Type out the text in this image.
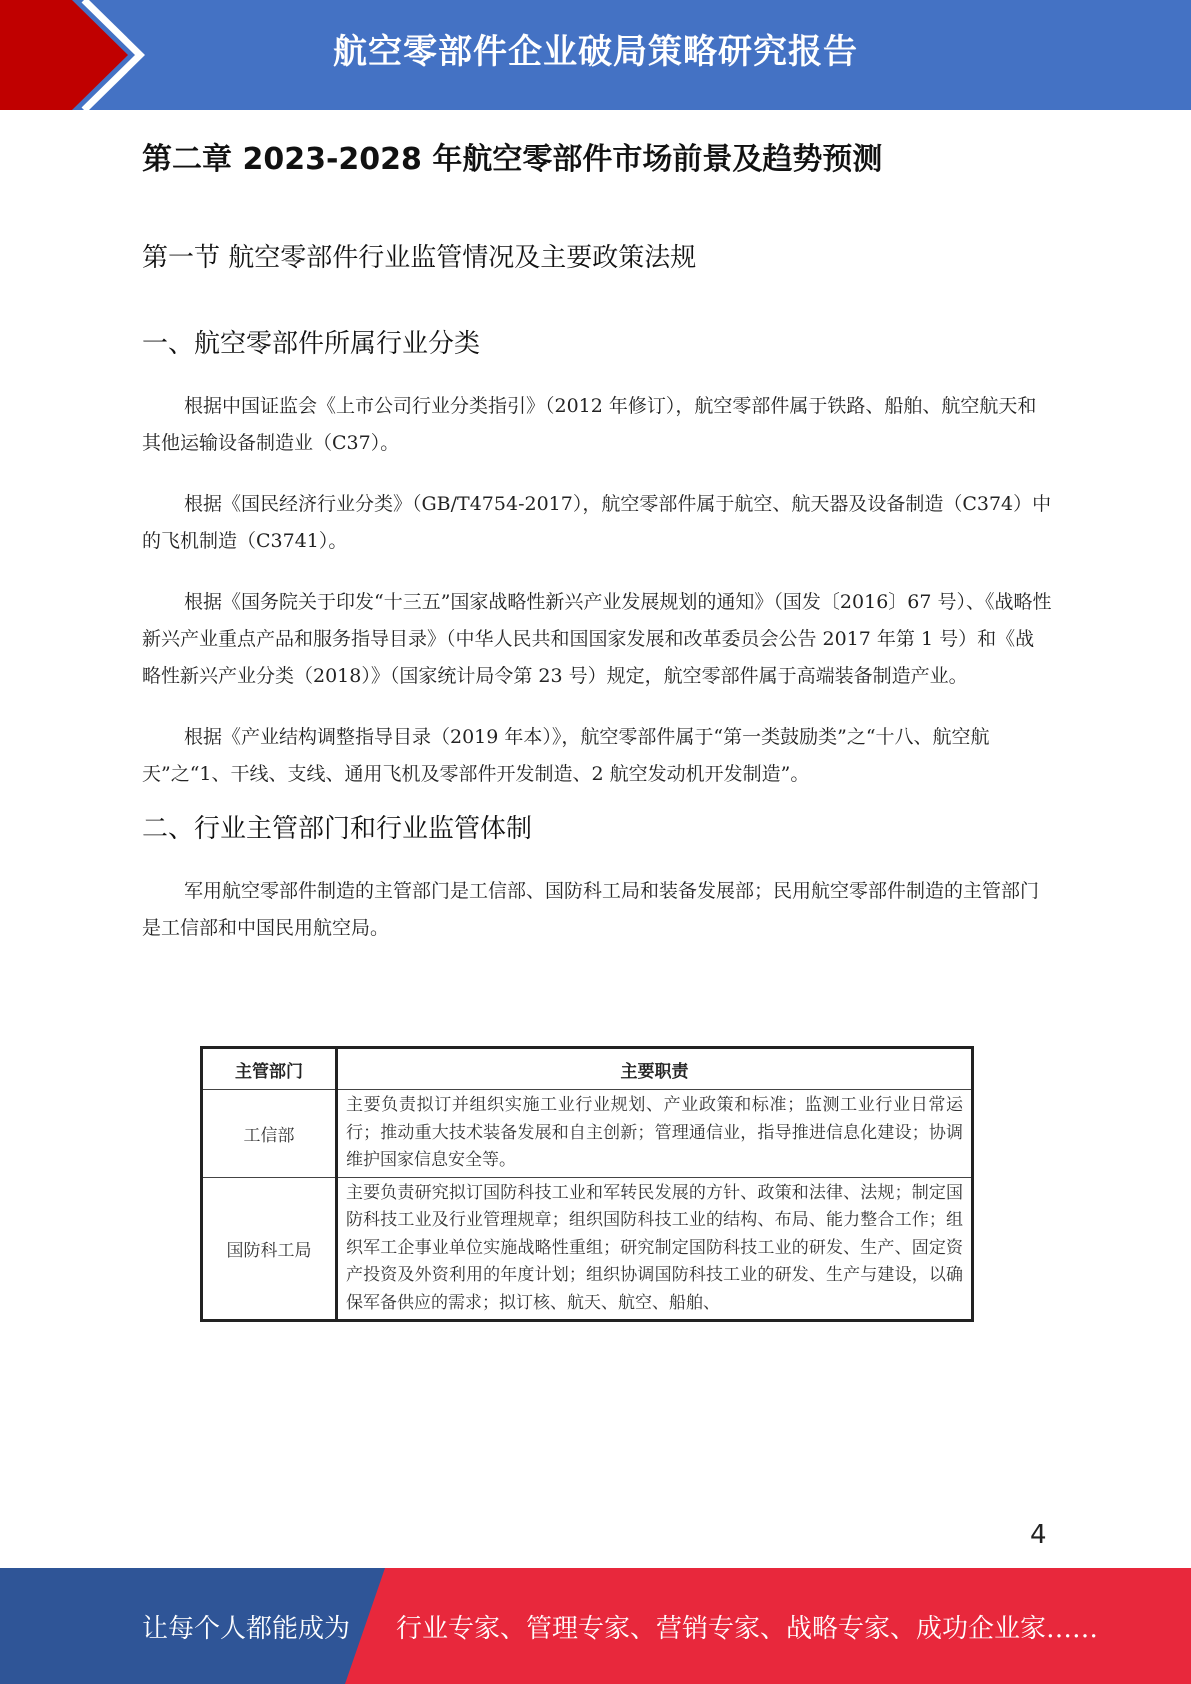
航空零部件企业破局策略研究报告
第二章 2023-2028 年航空零部件市场前景及趋势预测
第一节 航空零部件行业监管情况及主要政策法规
一、航空零部件所属行业分类

根据中国证监会《上市公司行业分类指引》（2012 年修订），航空零部件属于铁路、船舶、航空航天和其他运输设备制造业（C37）。

根据《国民经济行业分类》（GB/T4754-2017），航空零部件属于航空、航天器及设备制造（C374）中的飞机制造（C3741）。

根据《国务院关于印发“十三五”国家战略性新兴产业发展规划的通知》（国发〔2016〕67 号）、《战略性新兴产业重点产品和服务指导目录》（中华人民共和国国家发展和改革委员会公告 2017 年第 1 号）和《战略性新兴产业分类（2018）》（国家统计局令第 23 号）规定，航空零部件属于高端装备制造产业。

根据《产业结构调整指导目录（2019 年本）》，航空零部件属于“第一类鼓励类”之“十八、航空航天”之“1、干线、支线、通用飞机及零部件开发制造、2 航空发动机开发制造”。

二、行业主管部门和行业监管体制

军用航空零部件制造的主管部门是工信部、国防科工局和装备发展部；民用航空零部件制造的主管部门是工信部和中国民用航空局。

主管部门	主要职责
工信部	主要负责拟订并组织实施工业行业规划、产业政策和标准；监测工业行业日常运行；推动重大技术装备发展和自主创新；管理通信业，指导推进信息化建设；协调维护国家信息安全等。
国防科工局	主要负责研究拟订国防科技工业和军转民发展的方针、政策和法律、法规；制定国防科技工业及行业管理规章；组织国防科技工业的结构、布局、能力整合工作；组织军工企事业单位实施战略性重组；研究制定国防科技工业的研发、生产、固定资产投资及外资利用的年度计划；组织协调国防科技工业的研发、生产与建设，以确保军备供应的需求；拟订核、航天、航空、船舶、
4
让每个人都能成为 行业专家、管理专家、营销专家、战略专家、成功企业家……
